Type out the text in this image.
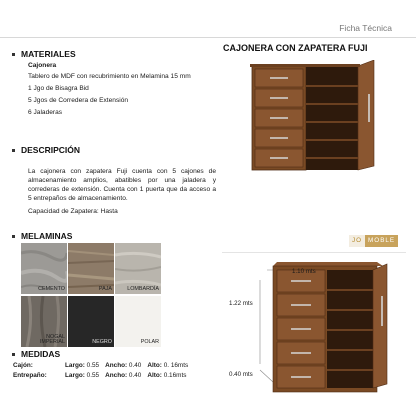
Ficha Técnica
MATERIALES
Cajonera

Tablero de MDF con recubrimiento en Melamina 15 mm

1 Jgo de Bisagra Bid

5 Jgos de Corredera de Extensión

6 Jaladeras

DESCRIPCIÓN

La cajonera con zapatera Fuji cuenta con 5 cajones de almacenamiento amplios, abatibles por una jaladera y correderas de extensión. Cuenta con 1 puerta que da acceso a 5 entrepaños de almacenamiento.

Capacidad de Zapatera: Hasta

MELAMINAS
CEMENTO	PAJA	LOMBARDÍA
NOGAL IMPERIAL	NEGRO	POLAR
MEDIDAS
Cajón:	Largo: 0.55 Ancho: 0.40 Alto: 0. 16mts
Entrepaño:	Largo: 0.55 Ancho: 0.40 Alto: 0.16mts
CAJONERA CON ZAPATERA FUJI
JO MOBLE
1.10 mts
1.22 mts
0.40 mts
